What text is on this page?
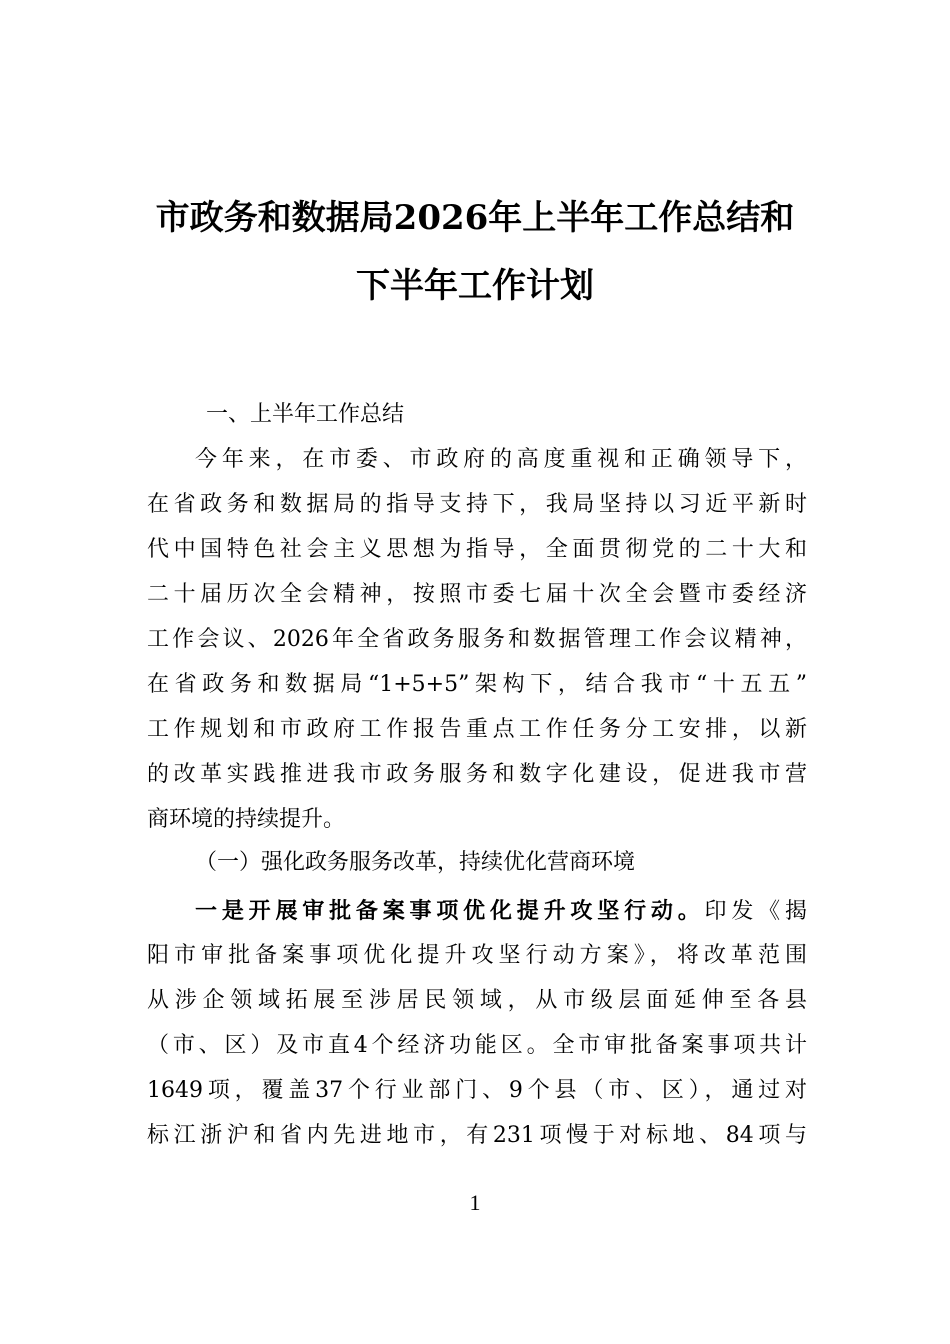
市政务和数据局2026年上半年工作总结和
下半年工作计划
一、上半年工作总结
今年来，在市委、市政府的高度重视和正确领导下，
在省政务和数据局的指导支持下，我局坚持以习近平新时
代中国特色社会主义思想为指导，全面贯彻党的二十大和
二十届历次全会精神，按照市委七届十次全会暨市委经济
工作会议、2026年全省政务服务和数据管理工作会议精神，
在省政务和数据局“1+5+5”架构下，结合我市“十五五”
工作规划和市政府工作报告重点工作任务分工安排，以新
的改革实践推进我市政务服务和数字化建设，促进我市营
商环境的持续提升。
（一）强化政务服务改革，持续优化营商环境
一是开展审批备案事项优化提升攻坚行动。印发《揭
阳市审批备案事项优化提升攻坚行动方案》，将改革范围
从涉企领域拓展至涉居民领域，从市级层面延伸至各县
（市、区）及市直4个经济功能区。全市审批备案事项共计
1649项，覆盖37个行业部门、9个县（市、区），通过对
标江浙沪和省内先进地市，有231项慢于对标地、84项与
1
